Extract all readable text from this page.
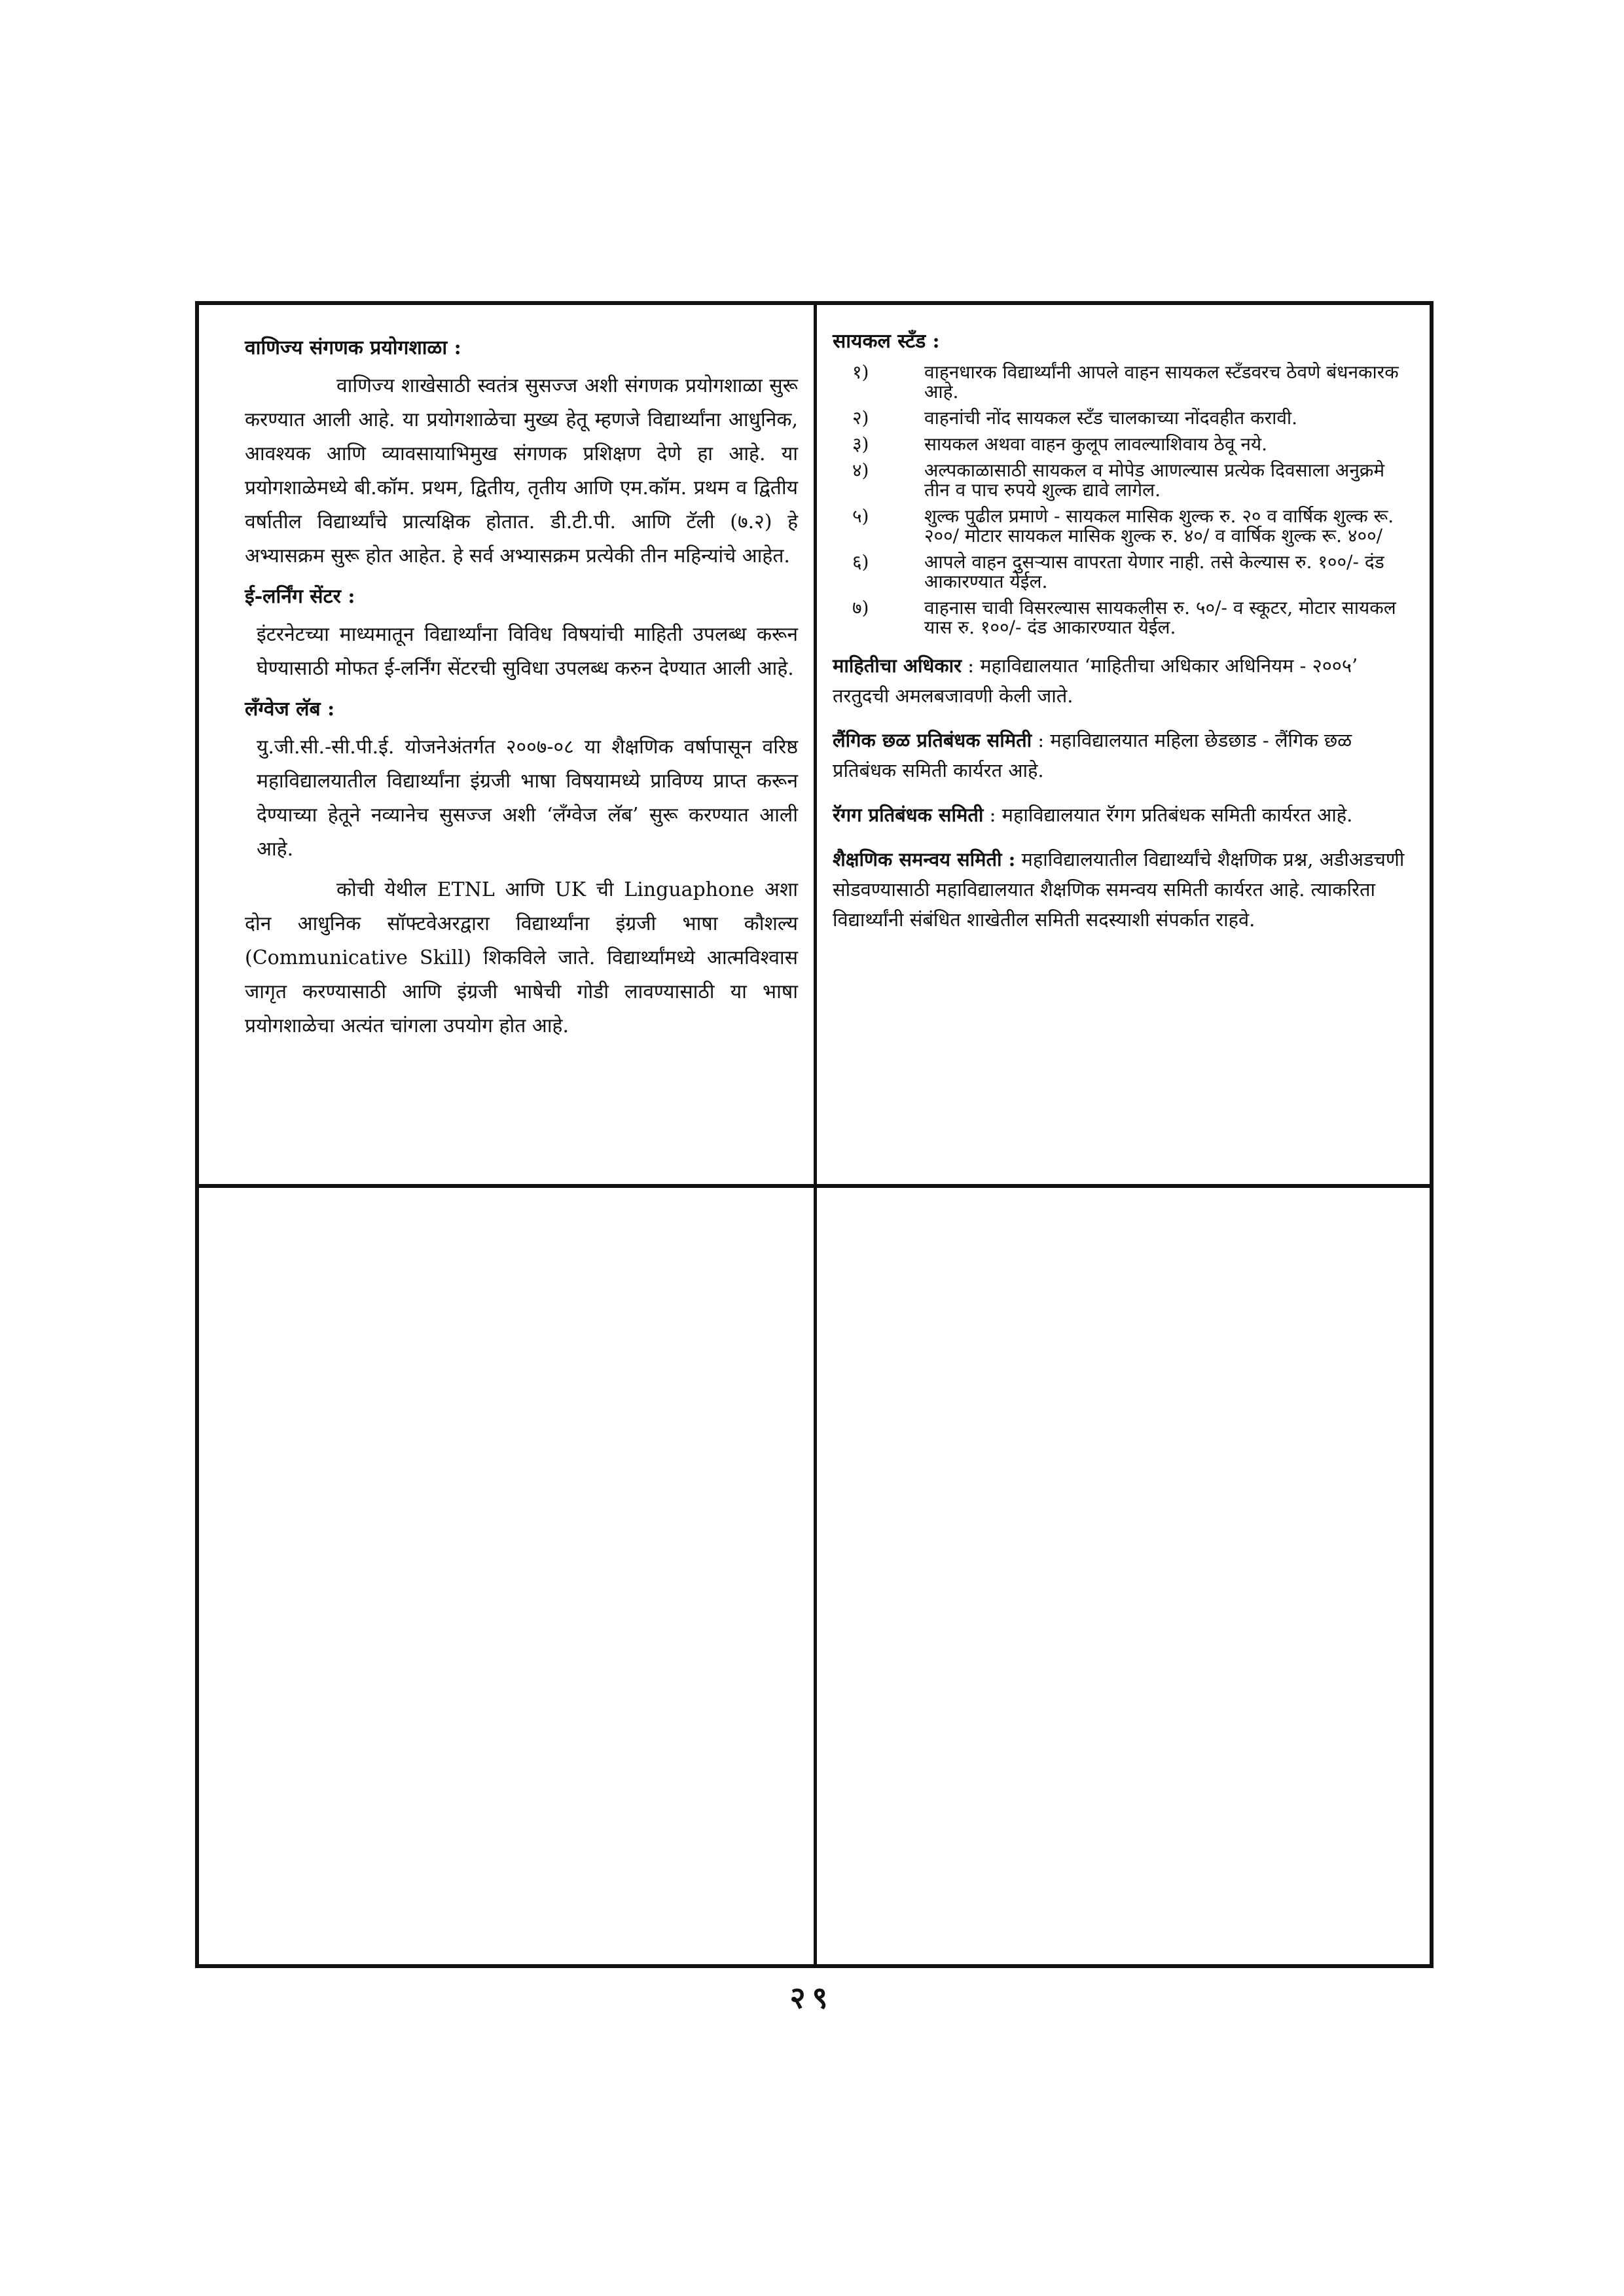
वाणिज्य संगणक प्रयोगशाळा :

वाणिज्य शाखेसाठी स्वतंत्र सुसज्ज अशी संगणक प्रयोगशाळा सुरू करण्यात आली आहे. या प्रयोगशाळेचा मुख्य हेतू म्हणजे विद्यार्थ्यांना आधुनिक, आवश्यक आणि व्यावसायाभिमुख संगणक प्रशिक्षण देणे हा आहे. या प्रयोगशाळेमध्ये बी.कॉम. प्रथम, द्वितीय, तृतीय आणि एम.कॉम. प्रथम व द्वितीय वर्षातील विद्यार्थ्यांचे प्रात्यक्षिक होतात. डी.टी.पी. आणि टॅली (७.२) हे अभ्यासक्रम सुरू होत आहेत. हे सर्व अभ्यासक्रम प्रत्येकी तीन महिन्यांचे आहेत.

ई-लर्निंग सेंटर :

इंटरनेटच्या माध्यमातून विद्यार्थ्यांना विविध विषयांची माहिती उपलब्ध करून घेण्यासाठी मोफत ई-लर्निंग सेंटरची सुविधा उपलब्ध करुन देण्यात आली आहे.

लँग्वेज लॅब :

यु.जी.सी.-सी.पी.ई. योजनेअंतर्गत २००७-०८ या शैक्षणिक वर्षापासून वरिष्ठ महाविद्यालयातील विद्यार्थ्यांना इंग्रजी भाषा विषयामध्ये प्राविण्य प्राप्त करून देण्याच्या हेतूने नव्यानेच सुसज्ज अशी ‘लँग्वेज लॅब’ सुरू करण्यात आली आहे.

कोची येथील ETNL आणि UK ची Linguaphone अशा दोन आधुनिक सॉफ्टवेअरद्वारा विद्यार्थ्यांना इंग्रजी भाषा कौशल्य (Communicative Skill) शिकविले जाते. विद्यार्थ्यांमध्ये आत्मविश्वास जागृत करण्यासाठी आणि इंग्रजी भाषेची गोडी लावण्यासाठी या भाषा प्रयोगशाळेचा अत्यंत चांगला उपयोग होत आहे.

सायकल स्टँड :
१)	वाहनधारक विद्यार्थ्यांनी आपले वाहन सायकल स्टँडवरच ठेवणे बंधनकारक आहे.
२)	वाहनांची नोंद सायकल स्टँड चालकाच्या नोंदवहीत करावी.
३)	सायकल अथवा वाहन कुलूप लावल्याशिवाय ठेवू नये.
४)	अल्पकाळासाठी सायकल व मोपेड आणल्यास प्रत्येक दिवसाला अनुक्रमे तीन व पाच रुपये शुल्क द्यावे लागेल.
५)	शुल्क पुढील प्रमाणे - सायकल मासिक शुल्क रु. २० व वार्षिक शुल्क रू. २००/ मोटार सायकल मासिक शुल्क रु. ४०/ व वार्षिक शुल्क रू. ४००/
६)	आपले वाहन दुसऱ्यास वापरता येणार नाही. तसे केल्यास रु. १००/- दंड आकारण्यात येईल.
७)	वाहनास चावी विसरल्यास सायकलीस रु. ५०/- व स्कूटर, मोटार सायकल यास रु. १००/- दंड आकारण्यात येईल.

माहितीचा अधिकार : महाविद्यालयात ‘माहितीचा अधिकार अधिनियम - २००५’ तरतुदची अमलबजावणी केली जाते.

लैंगिक छळ प्रतिबंधक समिती : महाविद्यालयात महिला छेडछाड - लैंगिक छळ प्रतिबंधक समिती कार्यरत आहे.

रॅगग प्रतिबंधक समिती : महाविद्यालयात रॅगग प्रतिबंधक समिती कार्यरत आहे.

शैक्षणिक समन्वय समिती : महाविद्यालयातील विद्यार्थ्यांचे शैक्षणिक प्रश्न, अडीअडचणी सोडवण्यासाठी महाविद्यालयात शैक्षणिक समन्वय समिती कार्यरत आहे. त्याकरिता विद्यार्थ्यांनी संबंधित शाखेतील समिती सदस्याशी संपर्कात राहवे.

२९
